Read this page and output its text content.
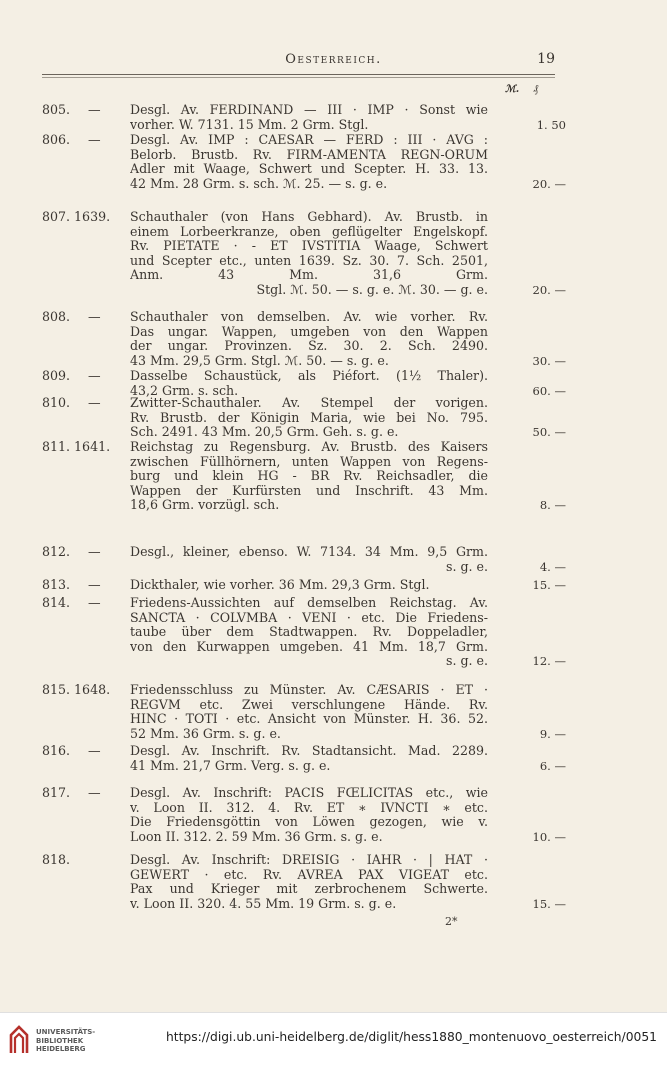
Oesterreich.	19
ℳ. ₰
805.	— Desgl. Av. FERDINAND — III · IMP · Sonst wie
vorher. W. 7131. 15 Mm. 2 Grm. Stgl.	1. 50
806.	— Desgl. Av. IMP : CAESAR — FERD : III · AVG :
Belorb. Brustb. Rv. FIRM-AMENTA REGN-ORUM
Adler mit Waage, Schwert und Scepter. H. 33. 13.
42 Mm. 28 Grm. s. sch. ℳ. 25. — s. g. e.	20. —
807. 1639.	Schauthaler (von Hans Gebhard). Av. Brustb. in
einem Lorbeerkranze, oben geflügelter Engelskopf.
Rv. PIETATE · - ET IVSTITIA Waage, Schwert
und Scepter etc., unten 1639. Sz. 30. 7. Sch. 2501,
Anm. 43 Mm. 31,6 Grm.
Stgl. ℳ. 50. — s. g. e. ℳ. 30. — g. e.	20. —
808.	— Schauthaler von demselben. Av. wie vorher. Rv.
Das ungar. Wappen, umgeben von den Wappen
der ungar. Provinzen. Sz. 30. 2. Sch. 2490.
43 Mm. 29,5 Grm. Stgl. ℳ. 50. — s. g. e.	30. —
809.	— Dasselbe Schaustück, als Piéfort. (1½ Thaler).
43,2 Grm. s. sch.	60. —
810.	— Zwitter-Schauthaler. Av. Stempel der vorigen.
Rv. Brustb. der Königin Maria, wie bei No. 795.
Sch. 2491. 43 Mm. 20,5 Grm. Geh. s. g. e.	50. —
811. 1641.	Reichstag zu Regensburg. Av. Brustb. des Kaisers
zwischen Füllhörnern, unten Wappen von Regens-
burg und klein HG - BR Rv. Reichsadler, die
Wappen der Kurfürsten und Inschrift. 43 Mm.
18,6 Grm. vorzügl. sch.	8. —
812.	— Desgl., kleiner, ebenso. W. 7134. 34 Mm. 9,5 Grm.
s. g. e.	4. —
813.	— Dickthaler, wie vorher. 36 Mm. 29,3 Grm. Stgl.	15. —
814.	— Friedens-Aussichten auf demselben Reichstag. Av.
SANCTA · COLVMBA · VENI · etc. Die Friedens-
taube über dem Stadtwappen. Rv. Doppeladler,
von den Kurwappen umgeben. 41 Mm. 18,7 Grm.
s. g. e.	12. —
815. 1648.	Friedensschluss zu Münster. Av. CÆSARIS · ET ·
REGVM etc. Zwei verschlungene Hände. Rv.
HINC · TOTI · etc. Ansicht von Münster. H. 36. 52.
52 Mm. 36 Grm. s. g. e.	9. —
816.	— Desgl. Av. Inschrift. Rv. Stadtansicht. Mad. 2289.
41 Mm. 21,7 Grm. Verg. s. g. e.	6. —
817.	— Desgl. Av. Inschrift: PACIS FŒLICITAS etc., wie
v. Loon II. 312. 4. Rv. ET ∗ IVNCTI ∗ etc.
Die Friedensgöttin von Löwen gezogen, wie v.
Loon II. 312. 2. 59 Mm. 36 Grm. s. g. e.	10. —
818.	Desgl. Av. Inschrift: DREISIG · IAHR · | HAT ·
GEWERT · etc. Rv. AVREA PAX VIGEAT etc.
Pax und Krieger mit zerbrochenem Schwerte.
v. Loon II. 320. 4. 55 Mm. 19 Grm. s. g. e.	15. —
2*
UNIVERSITÄTS-
BIBLIOTHEK
HEIDELBERG
https://digi.ub.uni-heidelberg.de/diglit/hess1880_montenuovo_oesterreich/0051
